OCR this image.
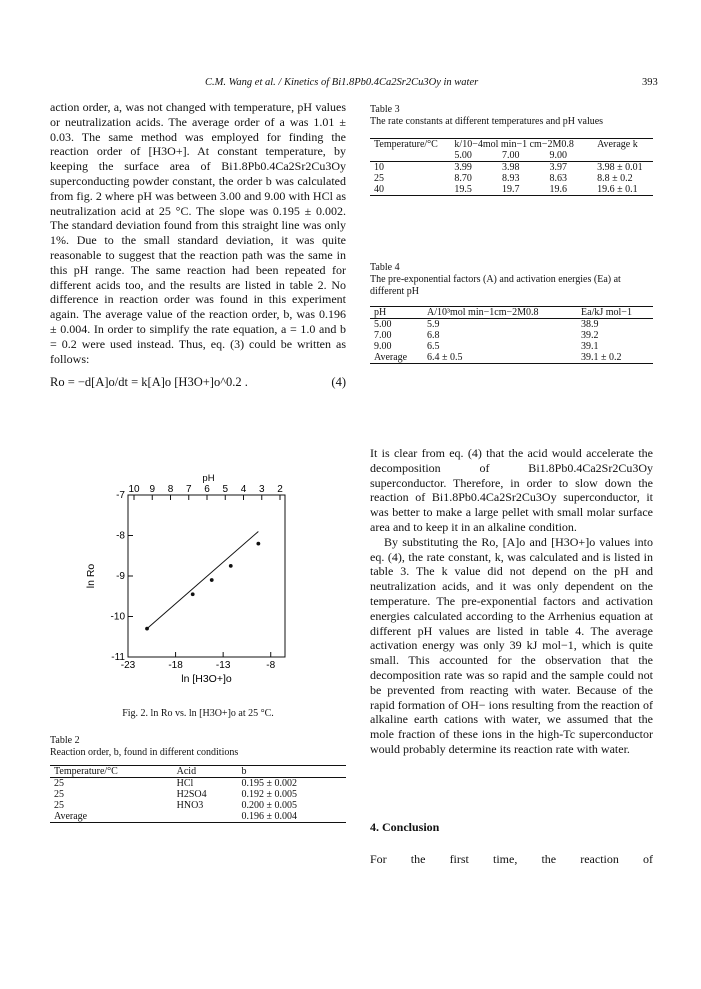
C.M. Wang et al. / Kinetics of Bi1.8Pb0.4Ca2Sr2Cu3Oy in water	393

action order, a, was not changed with temperature, pH values or neutralization acids. The average order of a was 1.01 ± 0.03. The same method was employed for finding the reaction order of [H3O+]. At constant temperature, by keeping the surface area of Bi1.8Pb0.4Ca2Sr2Cu3Oy superconducting powder constant, the order b was calculated from fig. 2 where pH was between 3.00 and 9.00 with HCl as neutralization acid at 25 °C. The slope was 0.195 ± 0.002. The standard deviation found from this straight line was only 1%. Due to the small standard deviation, it was quite reasonable to suggest that the reaction path was the same in this pH range. The same reaction had been repeated for different acids too, and the results are listed in table 2. No difference in reaction order was found in this experiment again. The average value of the reaction order, b, was 0.196 ± 0.004. In order to simplify the rate equation, a = 1.0 and b = 0.2 were used instead. Thus, eq. (3) could be written as follows:

Ro = −d[A]o/dt = k[A]o [H3O+]o^0.2 .	(4)
-23	-18	-13	-8
-7
-8
-9
-10
-11
10 9 8 7 6 5 4 3 2
pH
ln [H3O+]o
ln Ro
Fig. 2. ln Ro vs. ln [H3O+]o at 25 °C.
Table 2
Reaction order, b, found in different conditions
Temperature/°C	Acid	b
25	HCl	0.195 ± 0.002
25	H2SO4	0.192 ± 0.005
25	HNO3	0.200 ± 0.005
Average		0.196 ± 0.004
Table 3
The rate constants at different temperatures and pH values
Temperature/°C	k/10−4mol min−1 cm−2M0.8			Average k
	5.00	7.00	9.00	
10	3.99	3.98	3.97	3.98 ± 0.01
25	8.70	8.93	8.63	8.8 ± 0.2
40	19.5	19.7	19.6	19.6 ± 0.1
Table 4
The pre-exponential factors (A) and activation energies (Ea) at different pH
pH	A/10³mol min−1cm−2M0.8	Ea/kJ mol−1
5.00	5.9	38.9
7.00	6.8	39.2
9.00	6.5	39.1
Average	6.4 ± 0.5	39.1 ± 0.2

It is clear from eq. (4) that the acid would accelerate the decomposition of Bi1.8Pb0.4Ca2Sr2Cu3Oy superconductor. Therefore, in order to slow down the reaction of Bi1.8Pb0.4Ca2Sr2Cu3Oy superconductor, it was better to make a large pellet with small molar surface area and to keep it in an alkaline condition.

By substituting the Ro, [A]o and [H3O+]o values into eq. (4), the rate constant, k, was calculated and is listed in table 3. The k value did not depend on the pH and neutralization acids, and it was only dependent on the temperature. The pre-exponential factors and activation energies calculated according to the Arrhenius equation at different pH values are listed in table 4. The average activation energy was only 39 kJ mol−1, which is quite small. This accounted for the observation that the decomposition rate was so rapid and the sample could not be prevented from reacting with water. Because of the rapid formation of OH− ions resulting from the reaction of alkaline earth cations with water, we assumed that the mole fraction of these ions in the high-Tc superconductor would probably determine its reaction rate with water.

4. Conclusion
For the first time, the reaction of
